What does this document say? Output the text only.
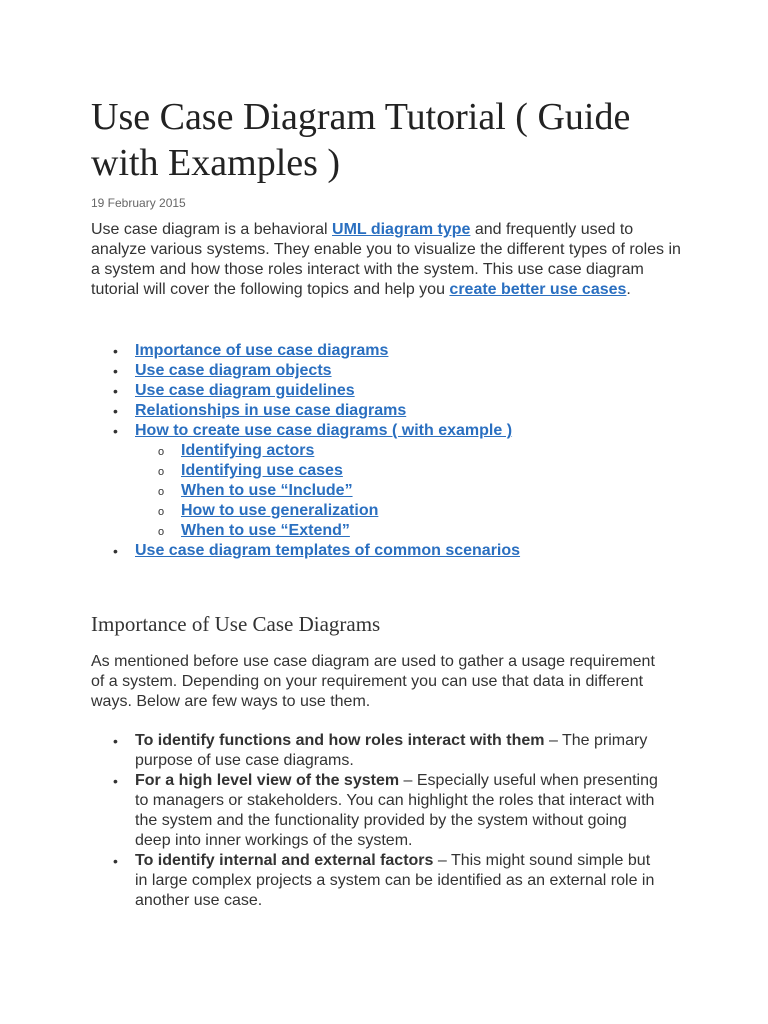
Use Case Diagram Tutorial ( Guide with Examples )
19 February 2015

Use case diagram is a behavioral UML diagram type and frequently used to analyze various systems. They enable you to visualize the different types of roles in a system and how those roles interact with the system. This use case diagram tutorial will cover the following topics and help you create better use cases.

• Importance of use case diagrams
• Use case diagram objects
• Use case diagram guidelines
• Relationships in use case diagrams
• How to create use case diagrams ( with example )
o Identifying actors
o Identifying use cases
o When to use “Include”
o How to use generalization
o When to use “Extend”
• Use case diagram templates of common scenarios
Importance of Use Case Diagrams

As mentioned before use case diagram are used to gather a usage requirement of a system. Depending on your requirement you can use that data in different ways. Below are few ways to use them.

• To identify functions and how roles interact with them – The primary purpose of use case diagrams.
• For a high level view of the system – Especially useful when presenting to managers or stakeholders. You can highlight the roles that interact with the system and the functionality provided by the system without going deep into inner workings of the system.
• To identify internal and external factors – This might sound simple but in large complex projects a system can be identified as an external role in another use case.
